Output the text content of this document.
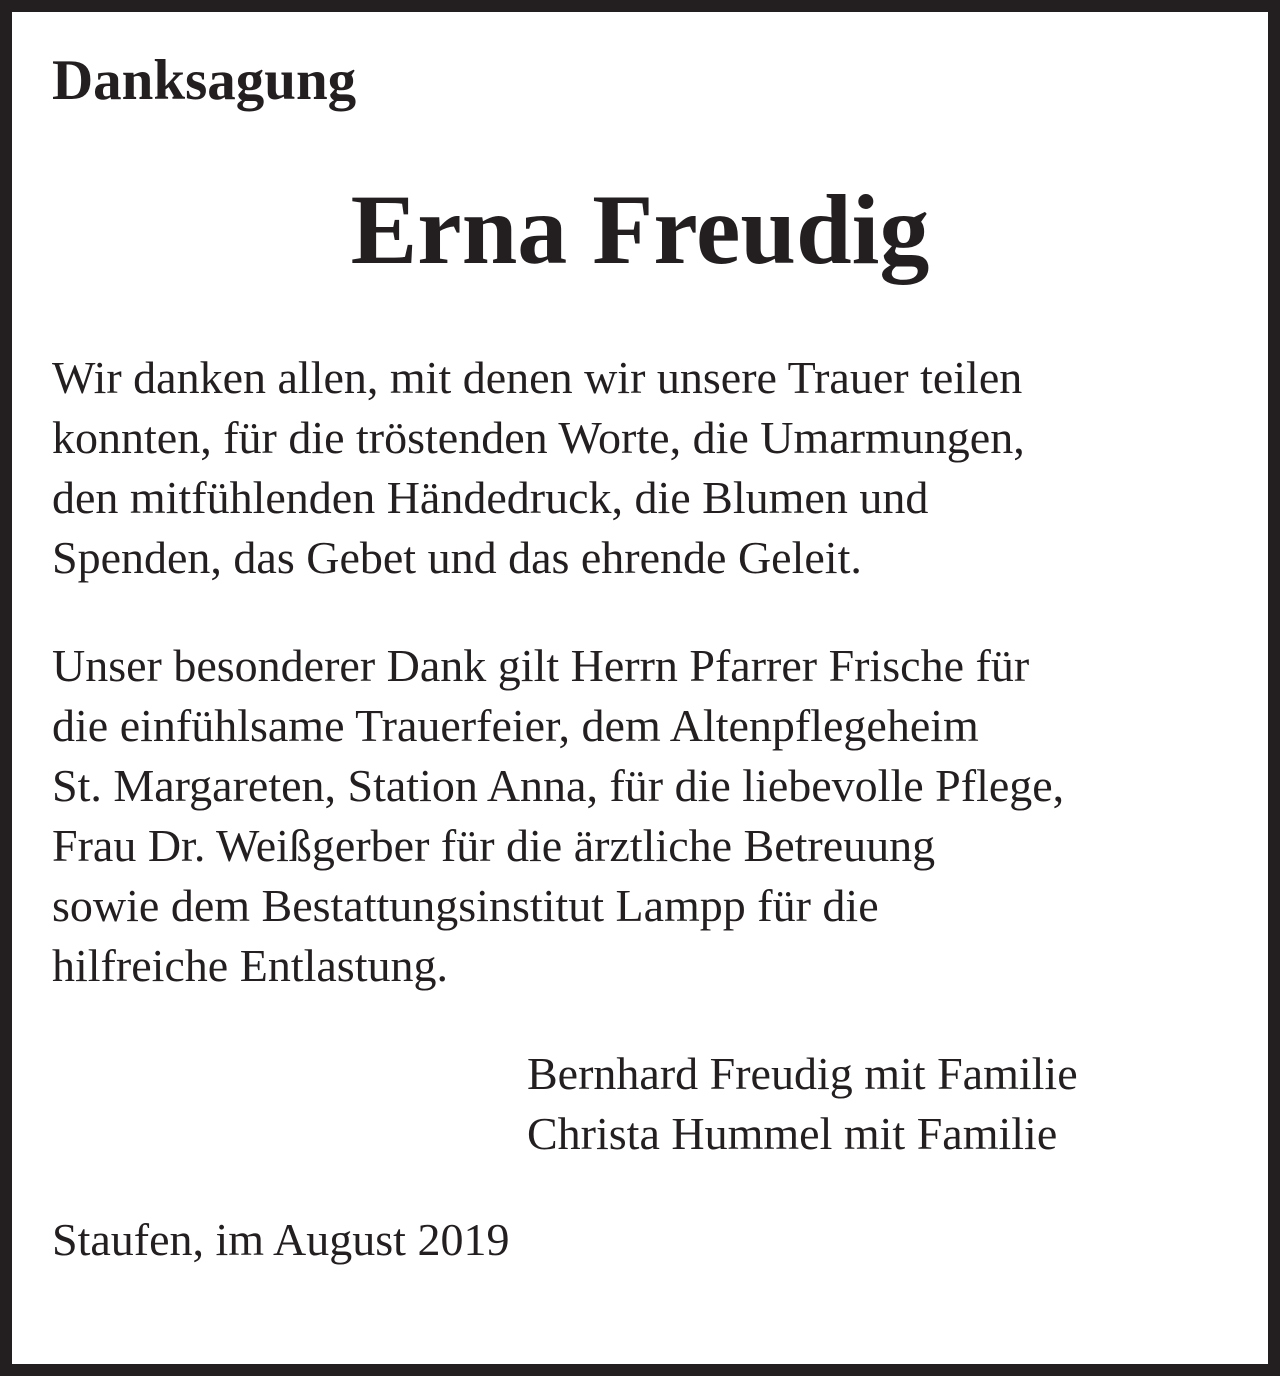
Danksagung
Erna Freudig
Wir danken allen, mit denen wir unsere Trauer teilen
konnten, für die tröstenden Worte, die Umarmungen,
den mitfühlenden Händedruck, die Blumen und
Spenden, das Gebet und das ehrende Geleit.
Unser besonderer Dank gilt Herrn Pfarrer Frische für
die einfühlsame Trauerfeier, dem Altenpflegeheim
St. Margareten, Station Anna, für die liebevolle Pflege,
Frau Dr. Weißgerber für die ärztliche Betreuung
sowie dem Bestattungsinstitut Lampp für die
hilfreiche Entlastung.
Bernhard Freudig mit Familie
Christa Hummel mit Familie
Staufen, im August 2019
